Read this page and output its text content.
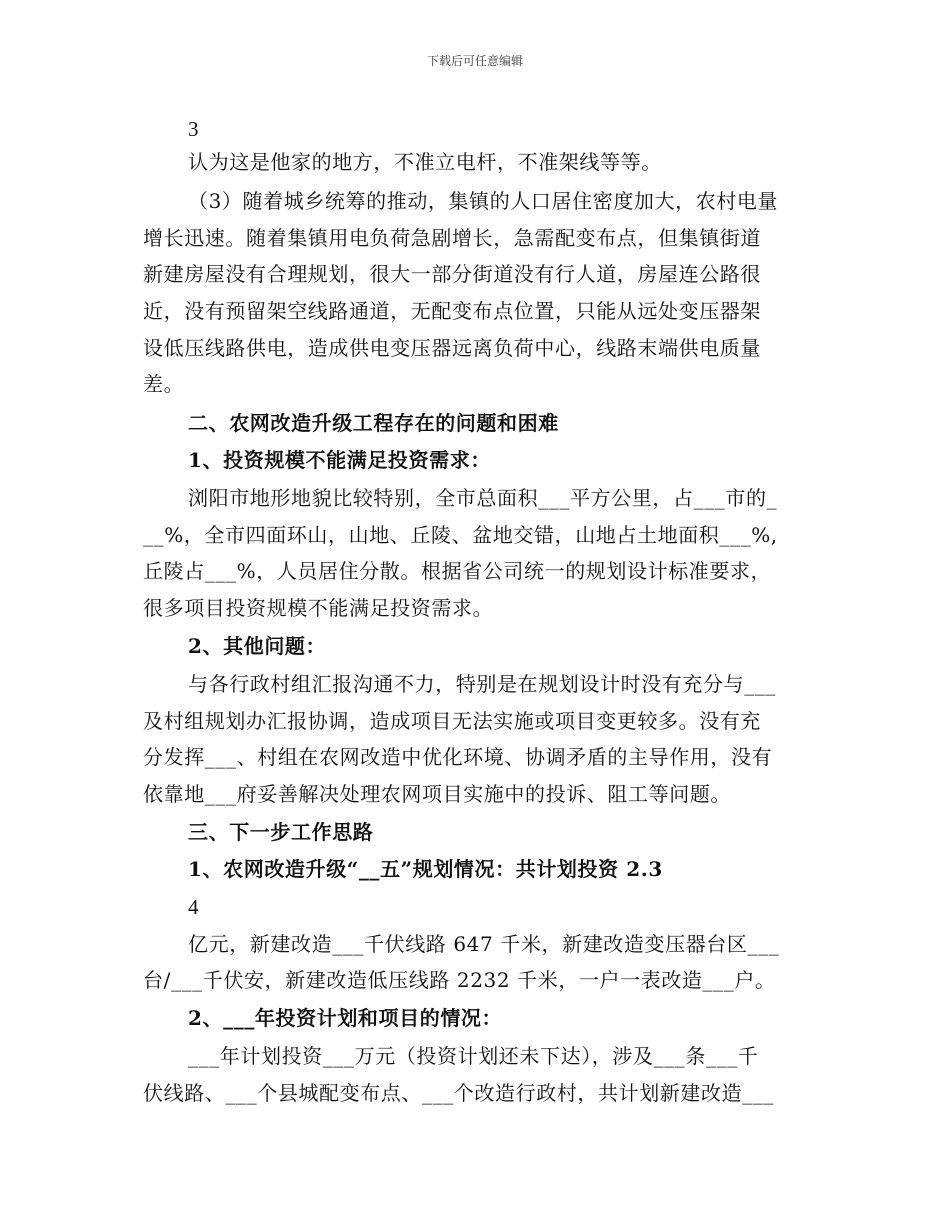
下载后可任意编辑
3
认为这是他家的地方，不准立电杆，不准架线等等。
（3）随着城乡统筹的推动，集镇的人口居住密度加大，农村电量
增长迅速。随着集镇用电负荷急剧增长，急需配变布点，但集镇街道
新建房屋没有合理规划，很大一部分街道没有行人道，房屋连公路很
近，没有预留架空线路通道，无配变布点位置，只能从远处变压器架
设低压线路供电，造成供电变压器远离负荷中心，线路末端供电质量
差。
二、农网改造升级工程存在的问题和困难
1、投资规模不能满足投资需求：
浏阳市地形地貌比较特别，全市总面积___平方公里，占___市的_
__%，全市四面环山，山地、丘陵、盆地交错，山地占土地面积___%,
丘陵占___%，人员居住分散。根据省公司统一的规划设计标准要求，
很多项目投资规模不能满足投资需求。
2、其他问题：
与各行政村组汇报沟通不力，特别是在规划设计时没有充分与___
及村组规划办汇报协调，造成项目无法实施或项目变更较多。没有充
分发挥___、村组在农网改造中优化环境、协调矛盾的主导作用，没有
依靠地___府妥善解决处理农网项目实施中的投诉、阻工等问题。
三、下一步工作思路
1、农网改造升级“__五”规划情况：共计划投资 2.3
4
亿元，新建改造___千伏线路 647 千米，新建改造变压器台区___
台/___千伏安，新建改造低压线路 2232 千米，一户一表改造___户。
2、___年投资计划和项目的情况：
___年计划投资___万元（投资计划还未下达），涉及___条___千
伏线路、___个县城配变布点、___个改造行政村，共计划新建改造___
